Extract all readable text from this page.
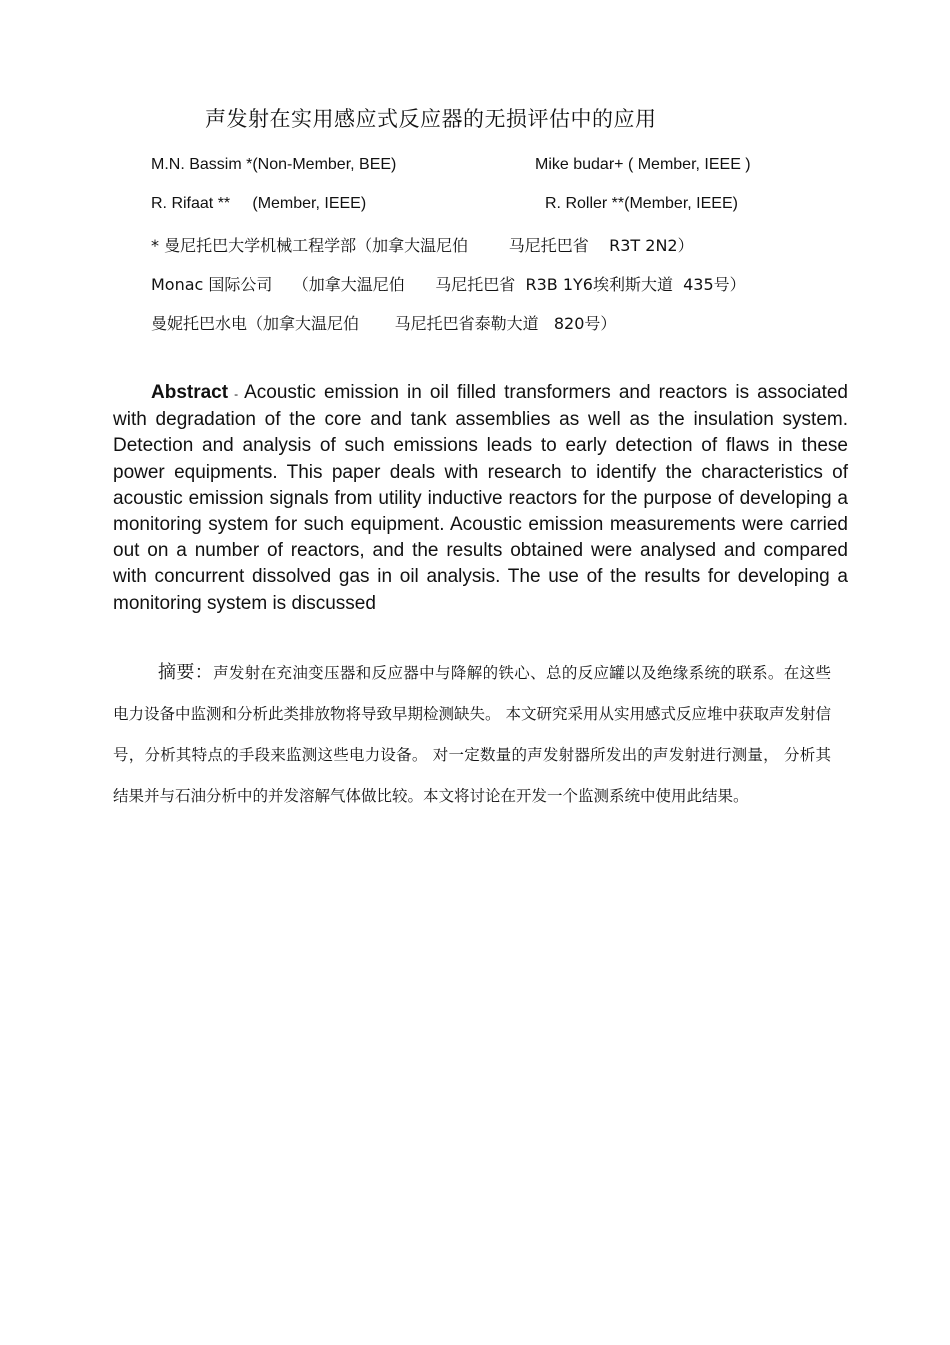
声发射在实用感应式反应器的无损评估中的应用
M.N. Bassim *(Non-Member, BEE)	Mike budar+ ( Member, IEEE )
R. Rifaat **     (Member, IEEE)	R. Roller **(Member, IEEE)
* 曼尼托巴大学机械工程学部（加拿大温尼伯        马尼托巴省    R3T 2N2）
Monac 国际公司    （加拿大温尼伯      马尼托巴省  R3B 1Y6埃利斯大道  435号）
曼妮托巴水电（加拿大温尼伯       马尼托巴省泰勒大道   820号）

Abstract - Acoustic emission in oil filled transformers and reactors is associated with degradation of the core and tank assemblies as well as the insulation system. Detection and analysis of such emissions leads to early detection of flaws in these power equipments. This paper deals with research to identify the characteristics of acoustic emission signals from utility inductive reactors for the purpose of developing a monitoring system for such equipment. Acoustic emission measurements were carried out on a number of reactors, and the results obtained were analysed and compared with concurrent dissolved gas in oil analysis. The use of the results for developing a monitoring system is discussed

摘要：声发射在充油变压器和反应器中与降解的铁心、总的反应罐以及绝缘系统的联系。在这些电力设备中监测和分析此类排放物将导致早期检测缺失。 本文研究采用从实用感式反应堆中获取声发射信号，分析其特点的手段来监测这些电力设备。 对一定数量的声发射器所发出的声发射进行测量， 分析其结果并与石油分析中的并发溶解气体做比较。本文将讨论在开发一个监测系统中使用此结果。
